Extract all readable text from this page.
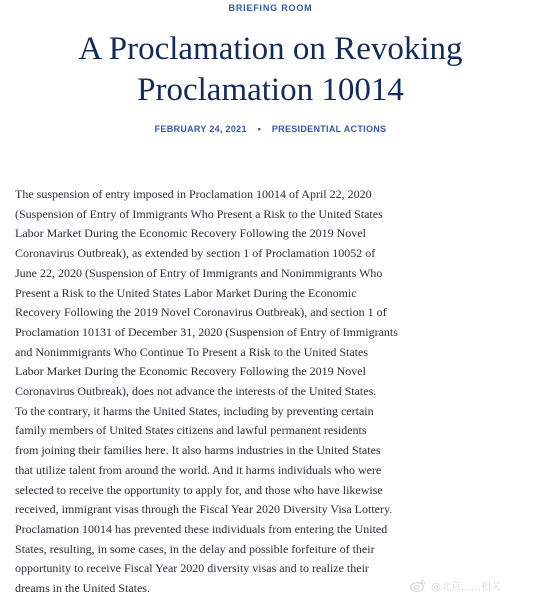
BRIEFING ROOM
A Proclamation on Revoking Proclamation 10014
FEBRUARY 24, 2021 • PRESIDENTIAL ACTIONS

The suspension of entry imposed in Proclamation 10014 of April 22, 2020
(Suspension of Entry of Immigrants Who Present a Risk to the United States
Labor Market During the Economic Recovery Following the 2019 Novel
Coronavirus Outbreak), as extended by section 1 of Proclamation 10052 of
June 22, 2020 (Suspension of Entry of Immigrants and Nonimmigrants Who
Present a Risk to the United States Labor Market During the Economic
Recovery Following the 2019 Novel Coronavirus Outbreak), and section 1 of
Proclamation 10131 of December 31, 2020 (Suspension of Entry of Immigrants
and Nonimmigrants Who Continue To Present a Risk to the United States
Labor Market During the Economic Recovery Following the 2019 Novel
Coronavirus Outbreak), does not advance the interests of the United States.
To the contrary, it harms the United States, including by preventing certain
family members of United States citizens and lawful permanent residents
from joining their families here. It also harms industries in the United States
that utilize talent from around the world. And it harms individuals who were
selected to receive the opportunity to apply for, and those who have likewise
received, immigrant visas through the Fiscal Year 2020 Diversity Visa Lottery.
Proclamation 10014 has prevented these individuals from entering the United
States, resulting, in some cases, in the delay and possible forfeiture of their
opportunity to receive Fiscal Year 2020 diversity visas and to realize their
dreams in the United States.	@北京……相关
